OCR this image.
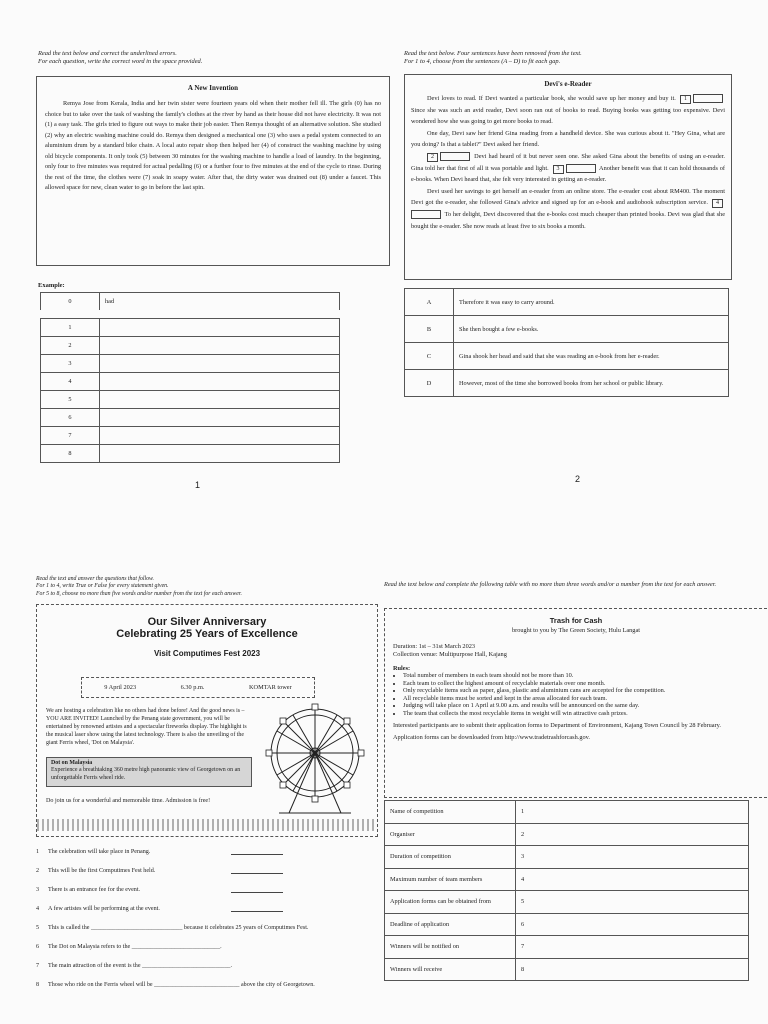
Read the text below and correct the underlined errors.
For each question, write the correct word in the space provided.
A New Invention
Remya Jose from Kerala, India and her twin sister were fourteen years old when their mother fell ill. The girls (0) has no choice but to take over the task of washing the family's clothes at the river by hand as their house did not have electricity. It was not (1) a easy task. The girls tried to figure out ways to make their job easier. Then Remya thought of an alternative solution. She studied (2) why an electric washing machine could do. Remya then designed a mechanical one (3) who uses a pedal system connected to an aluminium drum by a standard bike chain. A local auto repair shop then helped her (4) of construct the washing machine by using old bicycle components. It only took (5) between 30 minutes for the washing machine to handle a load of laundry. In the beginning, only four to five minutes was required for actual pedalling (6) or a further four to five minutes at the end of the cycle to rinse. During the rest of the time, the clothes were (7) soak in soapy water. After that, the dirty water was drained out (8) under a faucet. This allowed space for new, clean water to go in before the last spin.
Example:
0	had

1	
2	
3	
4	
5	
6	
7	
8	
1
Read the text below. Four sentences have been removed from the text.
For 1 to 4, choose from the sentences (A – D) to fit each gap.
Devi's e-Reader
Devi loves to read. If Devi wanted a particular book, she would save up her money and buy it. 1 Since she was such an avid reader, Devi soon ran out of books to read. Buying books was getting too expensive. Devi wondered how she was going to get more books to read.
One day, Devi saw her friend Gina reading from a handheld device. She was curious about it. "Hey Gina, what are you doing? Is that a tablet?" Devi asked her friend.
2	Devi had heard of it but never seen one. She asked Gina about the benefits of using an e-reader. Gina told her that first of all it was portable and light. 3	Another benefit was that it can hold thousands of e-books. When Devi heard that, she felt very interested in getting an e-reader.
Devi used her savings to get herself an e-reader from an online store. The e-reader cost about RM400. The moment Devi got the e-reader, she followed Gina's advice and signed up for an e-book and audiobook subscription service. 4 To her delight, Devi discovered that the e-books cost much cheaper than printed books. Devi was glad that she bought the e-reader. She now reads at least five to six books a month.
A	Therefore it was easy to carry around.
B	She then bought a few e-books.
C	Gina shook her head and said that she was reading an e-book from her e-reader.
D	However, most of the time she borrowed books from her school or public library.
2
Read the text and answer the questions that follow.
For 1 to 4, write True or False for every statement given.
For 5 to 8, choose no more than five words and/or number from the text for each answer.
Our Silver Anniversary
Celebrating 25 Years of Excellence
Visit Computimes Fest 2023
9 April 2023	6.30 p.m.	KOMTAR tower
We are hosting a celebration like no others had done before! And the good news is – YOU ARE INVITED! Launched by the Penang state government, you will be entertained by renowned artistes and a spectacular fireworks display. The highlight is the musical laser show using the latest technology. There is also the unveiling of the giant Ferris wheel, 'Dot on Malaysia'.
Dot on Malaysia
Experience a breathtaking 360 metre high panoramic view of Georgetown on an unforgettable Ferris wheel ride.
Do join us for a wonderful and memorable time. Admission is free!
1 The celebration will take place in Penang.
2 This will be the first Computimes Fest held.
3 There is an entrance fee for the event.
4 A few artistes will be performing at the event.
5 This is called the ______________________________ because it celebrates 25 years of Computimes Fest.
6 The Dot on Malaysia refers to the _____________________________.
7 The main attraction of the event is the _____________________________.
8 Those who ride on the Ferris wheel will be ____________________________ above the city of Georgetown.
Read the text below and complete the following table with no more than three words and/or a number from the text for each answer.
Trash for Cash
brought to you by The Green Society, Hulu Langat
Duration: 1st – 31st March 2023
Collection venue: Multipurpose Hall, Kajang
Rules:
• Total number of members in each team should not be more than 10.
• Each team to collect the highest amount of recyclable materials over one month.
• Only recyclable items such as paper, glass, plastic and aluminium cans are accepted for the competition.
• All recyclable items must be sorted and kept in the areas allocated for each team.
• Judging will take place on 1 April at 9.00 a.m. and results will be announced on the same day.
• The team that collects the most recyclable items in weight will win attractive cash prizes.
Interested participants are to submit their application forms to Department of Environment, Kajang Town Council by 28 February.
Application forms can be downloaded from http://www.tradetrashforcash.gov.
Name of competition	1
Organiser	2
Duration of competition	3
Maximum number of team members	4
Application forms can be obtained from	5
Deadline of application	6
Winners will be notified on	7
Winners will receive	8
